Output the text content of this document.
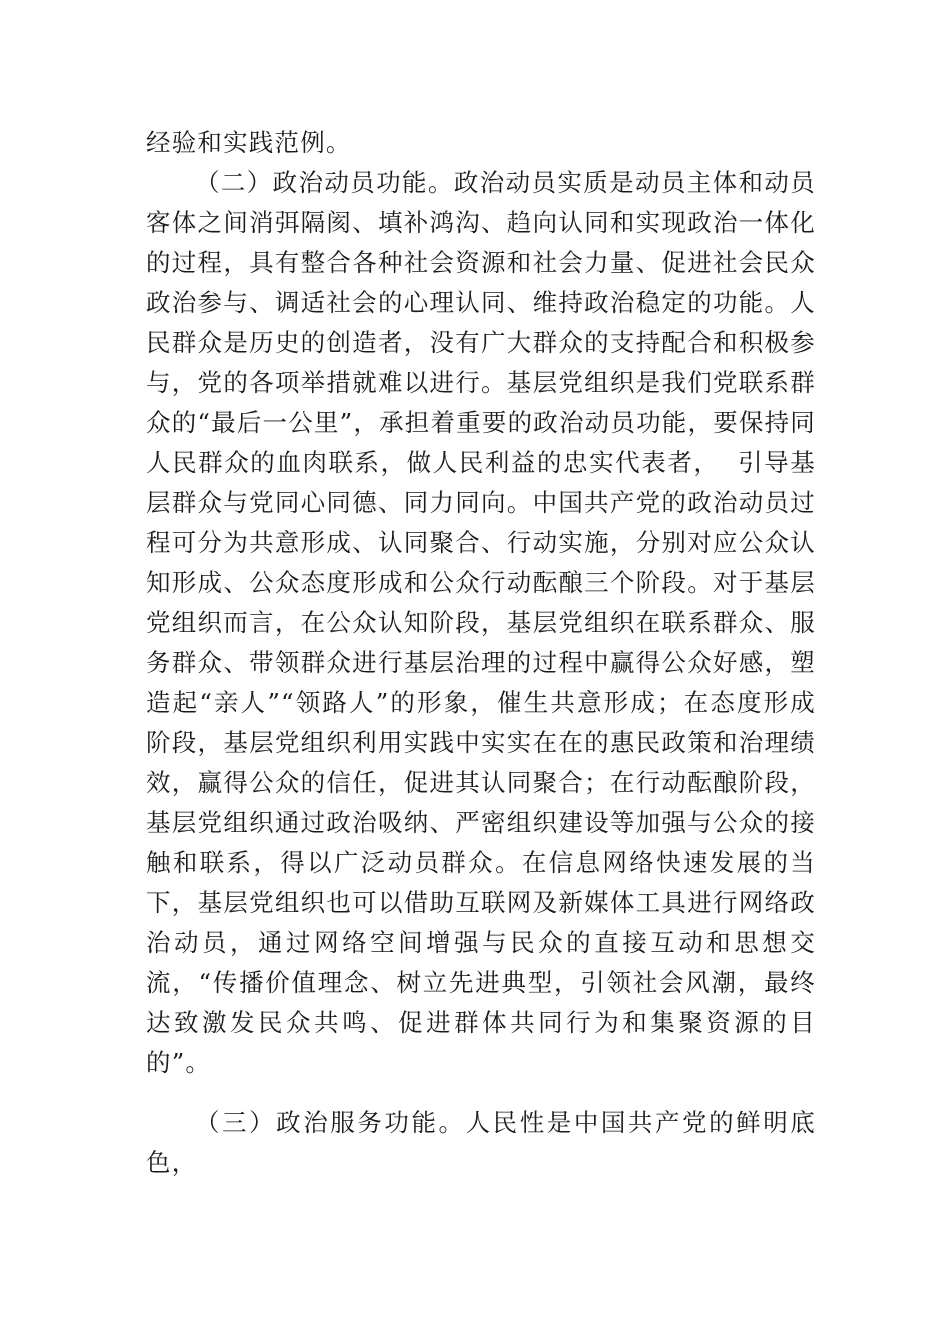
经验和实践范例。

（二）政治动员功能。政治动员实质是动员主体和动员客体之间消弭隔阂、填补鸿沟、趋向认同和实现政治一体化的过程，具有整合各种社会资源和社会力量、促进社会民众政治参与、调适社会的心理认同、维持政治稳定的功能。人民群众是历史的创造者，没有广大群众的支持配合和积极参与，党的各项举措就难以进行。基层党组织是我们党联系群众的“最后一公里”，承担着重要的政治动员功能，要保持同人民群众的血肉联系，做人民利益的忠实代表者，  引导基层群众与党同心同德、同力同向。中国共产党的政治动员过程可分为共意形成、认同聚合、行动实施，分别对应公众认知形成、公众态度形成和公众行动酝酿三个阶段。对于基层党组织而言，在公众认知阶段，基层党组织在联系群众、服务群众、带领群众进行基层治理的过程中赢得公众好感，塑造起“亲人”“领路人”的形象，催生共意形成；在态度形成阶段，基层党组织利用实践中实实在在的惠民政策和治理绩效，赢得公众的信任，促进其认同聚合；在行动酝酿阶段，基层党组织通过政治吸纳、严密组织建设等加强与公众的接触和联系，得以广泛动员群众。在信息网络快速发展的当下，基层党组织也可以借助互联网及新媒体工具进行网络政治动员，通过网络空间增强与民众的直接互动和思想交流，“传播价值理念、树立先进典型，引领社会风潮，最终达致激发民众共鸣、促进群体共同行为和集聚资源的目的”。

（三）政治服务功能。人民性是中国共产党的鲜明底色，
